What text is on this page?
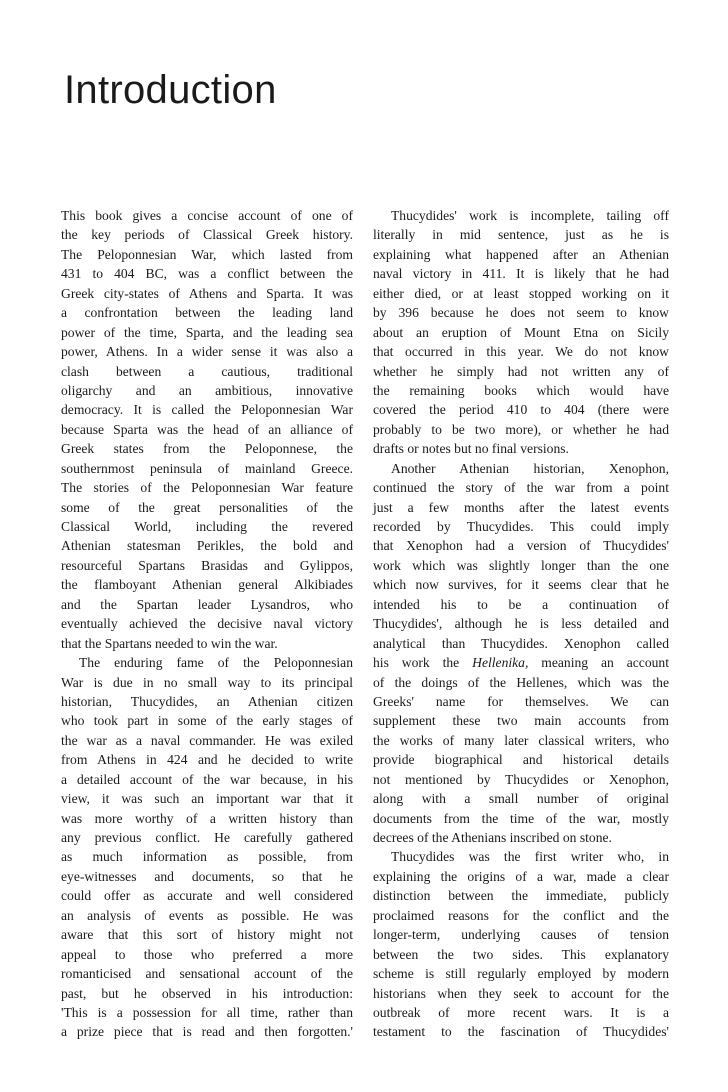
Introduction
This book gives a concise account of one of
the key periods of Classical Greek history.
The Peloponnesian War, which lasted from
431 to 404 BC, was a conflict between the
Greek city-states of Athens and Sparta. It was
a confrontation between the leading land
power of the time, Sparta, and the leading sea
power, Athens. In a wider sense it was also a
clash between a cautious, traditional
oligarchy and an ambitious, innovative
democracy. It is called the Peloponnesian War
because Sparta was the head of an alliance of
Greek states from the Peloponnese, the
southernmost peninsula of mainland Greece.
The stories of the Peloponnesian War feature
some of the great personalities of the
Classical World, including the revered
Athenian statesman Perikles, the bold and
resourceful Spartans Brasidas and Gylippos,
the flamboyant Athenian general Alkibiades
and the Spartan leader Lysandros, who
eventually achieved the decisive naval victory
that the Spartans needed to win the war.
The enduring fame of the Peloponnesian
War is due in no small way to its principal
historian, Thucydides, an Athenian citizen
who took part in some of the early stages of
the war as a naval commander. He was exiled
from Athens in 424 and he decided to write
a detailed account of the war because, in his
view, it was such an important war that it
was more worthy of a written history than
any previous conflict. He carefully gathered
as much information as possible, from
eye-witnesses and documents, so that he
could offer as accurate and well considered
an analysis of events as possible. He was
aware that this sort of history might not
appeal to those who preferred a more
romanticised and sensational account of the
past, but he observed in his introduction:
'This is a possession for all time, rather than
a prize piece that is read and then forgotten.'
Thucydides' work is incomplete, tailing off
literally in mid sentence, just as he is
explaining what happened after an Athenian
naval victory in 411. It is likely that he had
either died, or at least stopped working on it
by 396 because he does not seem to know
about an eruption of Mount Etna on Sicily
that occurred in this year. We do not know
whether he simply had not written any of
the remaining books which would have
covered the period 410 to 404 (there were
probably to be two more), or whether he had
drafts or notes but no final versions.
Another Athenian historian, Xenophon,
continued the story of the war from a point
just a few months after the latest events
recorded by Thucydides. This could imply
that Xenophon had a version of Thucydides'
work which was slightly longer than the one
which now survives, for it seems clear that he
intended his to be a continuation of
Thucydides', although he is less detailed and
analytical than Thucydides. Xenophon called
his work the Hellenika, meaning an account
of the doings of the Hellenes, which was the
Greeks' name for themselves. We can
supplement these two main accounts from
the works of many later classical writers, who
provide biographical and historical details
not mentioned by Thucydides or Xenophon,
along with a small number of original
documents from the time of the war, mostly
decrees of the Athenians inscribed on stone.
Thucydides was the first writer who, in
explaining the origins of a war, made a clear
distinction between the immediate, publicly
proclaimed reasons for the conflict and the
longer-term, underlying causes of tension
between the two sides. This explanatory
scheme is still regularly employed by modern
historians when they seek to account for the
outbreak of more recent wars. It is a
testament to the fascination of Thucydides'
